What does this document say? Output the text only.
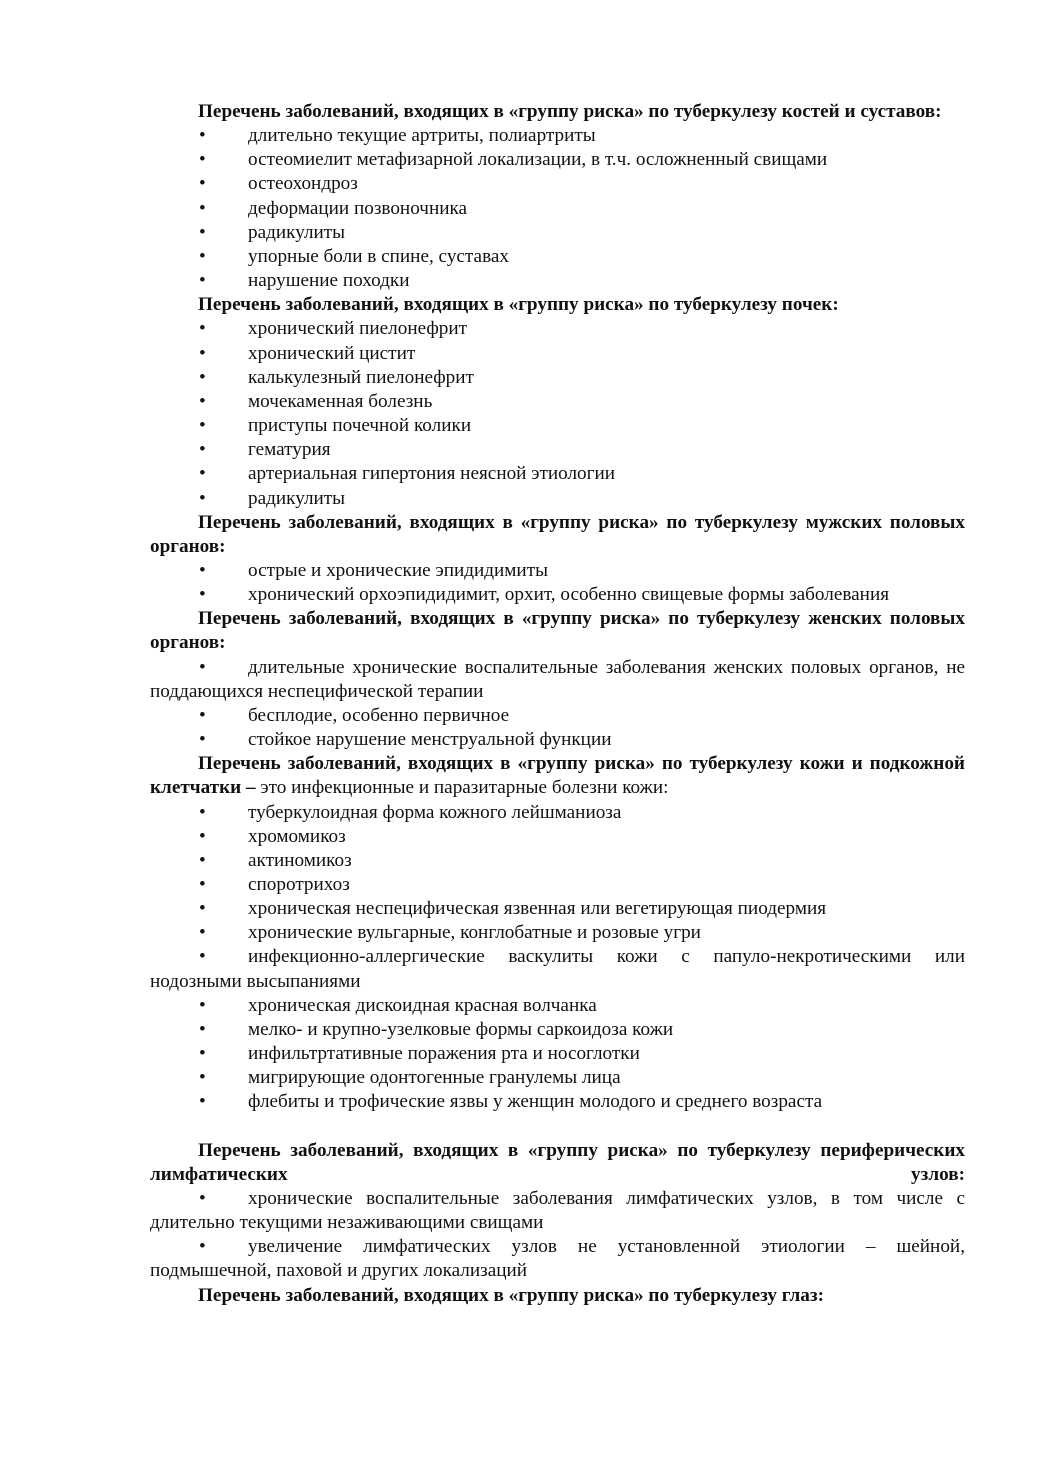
Перечень заболеваний, входящих в «группу риска» по туберкулезу костей и суставов:
• длительно текущие артриты, полиартриты
• остеомиелит метафизарной локализации, в т.ч. осложненный свищами
• остеохондроз
• деформации позвоночника
• радикулиты
• упорные боли в спине, суставах
• нарушение походки
Перечень заболеваний, входящих в «группу риска» по туберкулезу почек:
• хронический пиелонефрит
• хронический цистит
• калькулезный пиелонефрит
• мочекаменная болезнь
• приступы почечной колики
• гематурия
• артериальная гипертония неясной этиологии
• радикулиты
Перечень заболеваний, входящих в «группу риска» по туберкулезу мужских половых органов:
• острые и хронические эпидидимиты
• хронический орхоэпидидимит, орхит, особенно свищевые формы заболевания
Перечень заболеваний, входящих в «группу риска» по туберкулезу женских половых органов:
• длительные хронические воспалительные заболевания женских половых органов, не поддающихся неспецифической терапии
• бесплодие, особенно первичное
• стойкое нарушение менструальной функции
Перечень заболеваний, входящих в «группу риска» по туберкулезу кожи и подкожной клетчатки – это инфекционные и паразитарные болезни кожи:
• туберкулоидная форма кожного лейшманиоза
• хромомикоз
• актиномикоз
• споротрихоз
• хроническая неспецифическая язвенная или вегетирующая пиодермия
• хронические вульгарные, конглобатные и розовые угри
• инфекционно-аллергические васкулиты кожи с папуло-некротическими или нодозными высыпаниями
• хроническая дискоидная красная волчанка
• мелко- и крупно-узелковые формы саркоидоза кожи
• инфильтртативные поражения рта и носоглотки
• мигрирующие одонтогенные гранулемы лица
• флебиты и трофические язвы у женщин молодого и среднего возраста
Перечень заболеваний, входящих в «группу риска» по туберкулезу периферических лимфатических узлов:
• хронические воспалительные заболевания лимфатических узлов, в том числе с длительно текущими незаживающими свищами
• увеличение лимфатических узлов не установленной этиологии – шейной, подмышечной, паховой и других локализаций
Перечень заболеваний, входящих в «группу риска» по туберкулезу глаз:
